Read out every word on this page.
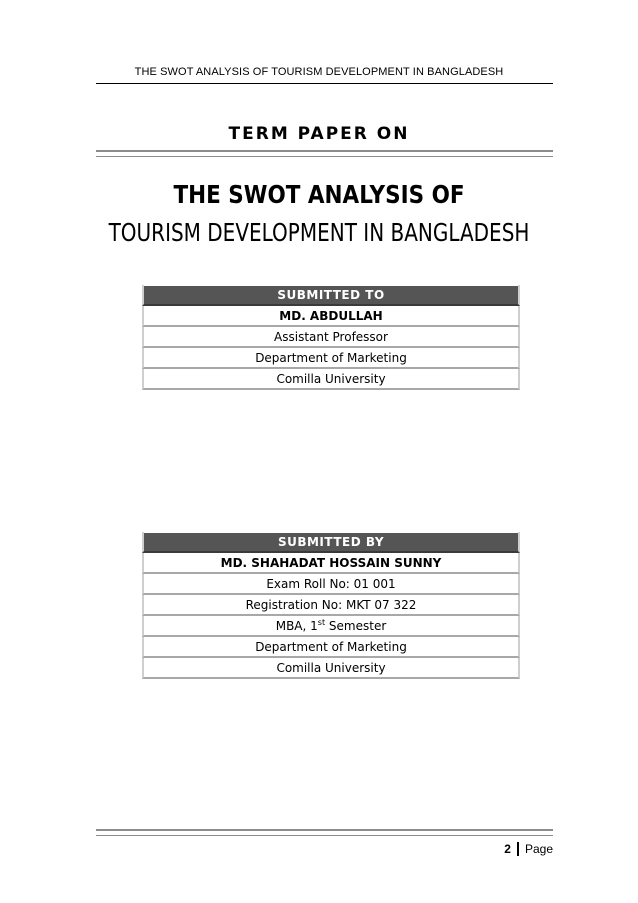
THE SWOT ANALYSIS OF TOURISM DEVELOPMENT IN BANGLADESH
TERM PAPER ON
THE SWOT ANALYSIS OF
TOURISM DEVELOPMENT IN BANGLADESH
SUBMITTED TO
MD. ABDULLAH
Assistant Professor
Department of Marketing
Comilla University
SUBMITTED BY
MD. SHAHADAT HOSSAIN SUNNY
Exam Roll No: 01 001
Registration No: MKT 07 322
MBA, 1st Semester
Department of Marketing
Comilla University
2 Page
